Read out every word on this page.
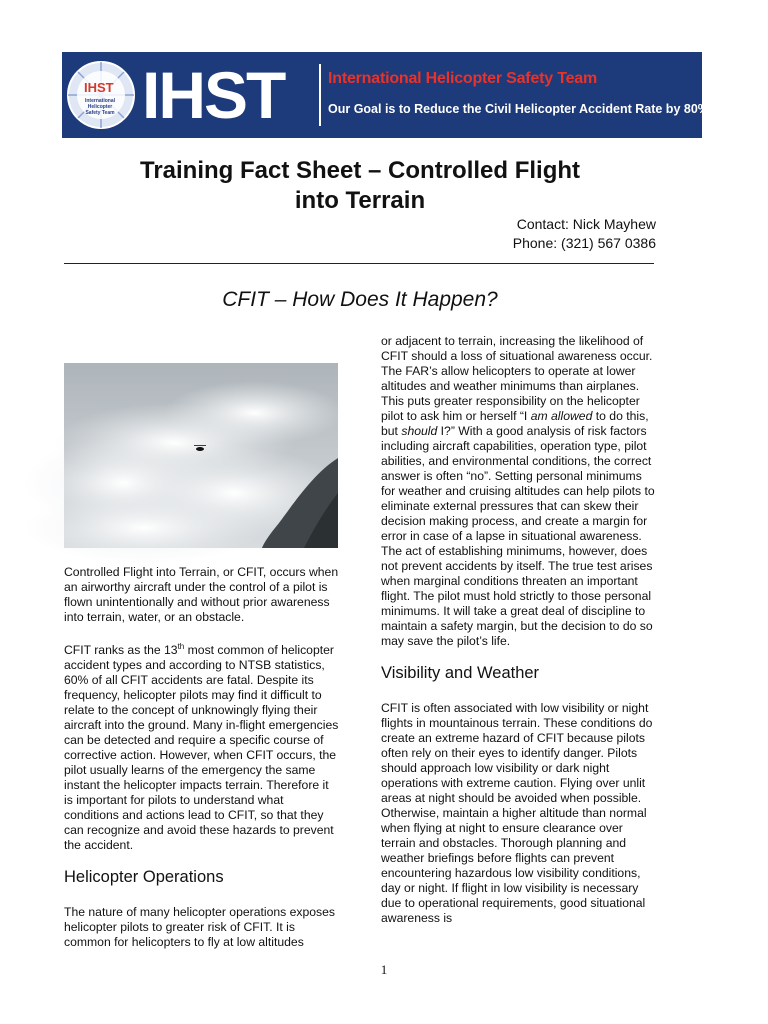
IHST
International Helicopter Safety Team IHST	International Helicopter Safety Team
Our Goal is to Reduce the Civil Helicopter Accident Rate by 80% by 2016.
Training Fact Sheet – Controlled Flight
into Terrain
Contact: Nick Mayhew
Phone: (321) 567 0386
CFIT – How Does It Happen?

Controlled Flight into Terrain, or CFIT, occurs when an airworthy aircraft under the control of a pilot is flown unintentionally and without prior awareness into terrain, water, or an obstacle.

CFIT ranks as the 13th most common of helicopter accident types and according to NTSB statistics, 60% of all CFIT accidents are fatal. Despite its frequency, helicopter pilots may find it difficult to relate to the concept of unknowingly flying their aircraft into the ground. Many in-flight emergencies can be detected and require a specific course of corrective action. However, when CFIT occurs, the pilot usually learns of the emergency the same instant the helicopter impacts terrain. Therefore it is important for pilots to understand what conditions and actions lead to CFIT, so that they can recognize and avoid these hazards to prevent the accident.

Helicopter Operations

The nature of many helicopter operations exposes helicopter pilots to greater risk of CFIT. It is common for helicopters to fly at low altitudes

or adjacent to terrain, increasing the likelihood of CFIT should a loss of situational awareness occur. The FAR’s allow helicopters to operate at lower altitudes and weather minimums than airplanes. This puts greater responsibility on the helicopter pilot to ask him or herself “I am allowed to do this, but should I?” With a good analysis of risk factors including aircraft capabilities, operation type, pilot abilities, and environmental conditions, the correct answer is often “no”. Setting personal minimums for weather and cruising altitudes can help pilots to eliminate external pressures that can skew their decision making process, and create a margin for error in case of a lapse in situational awareness. The act of establishing minimums, however, does not prevent accidents by itself. The true test arises when marginal conditions threaten an important flight. The pilot must hold strictly to those personal minimums. It will take a great deal of discipline to maintain a safety margin, but the decision to do so may save the pilot’s life.

Visibility and Weather

CFIT is often associated with low visibility or night flights in mountainous terrain. These conditions do create an extreme hazard of CFIT because pilots often rely on their eyes to identify danger. Pilots should approach low visibility or dark night operations with extreme caution. Flying over unlit areas at night should be avoided when possible. Otherwise, maintain a higher altitude than normal when flying at night to ensure clearance over terrain and obstacles. Thorough planning and weather briefings before flights can prevent encountering hazardous low visibility conditions, day or night. If flight in low visibility is necessary due to operational requirements, good situational awareness is

1
